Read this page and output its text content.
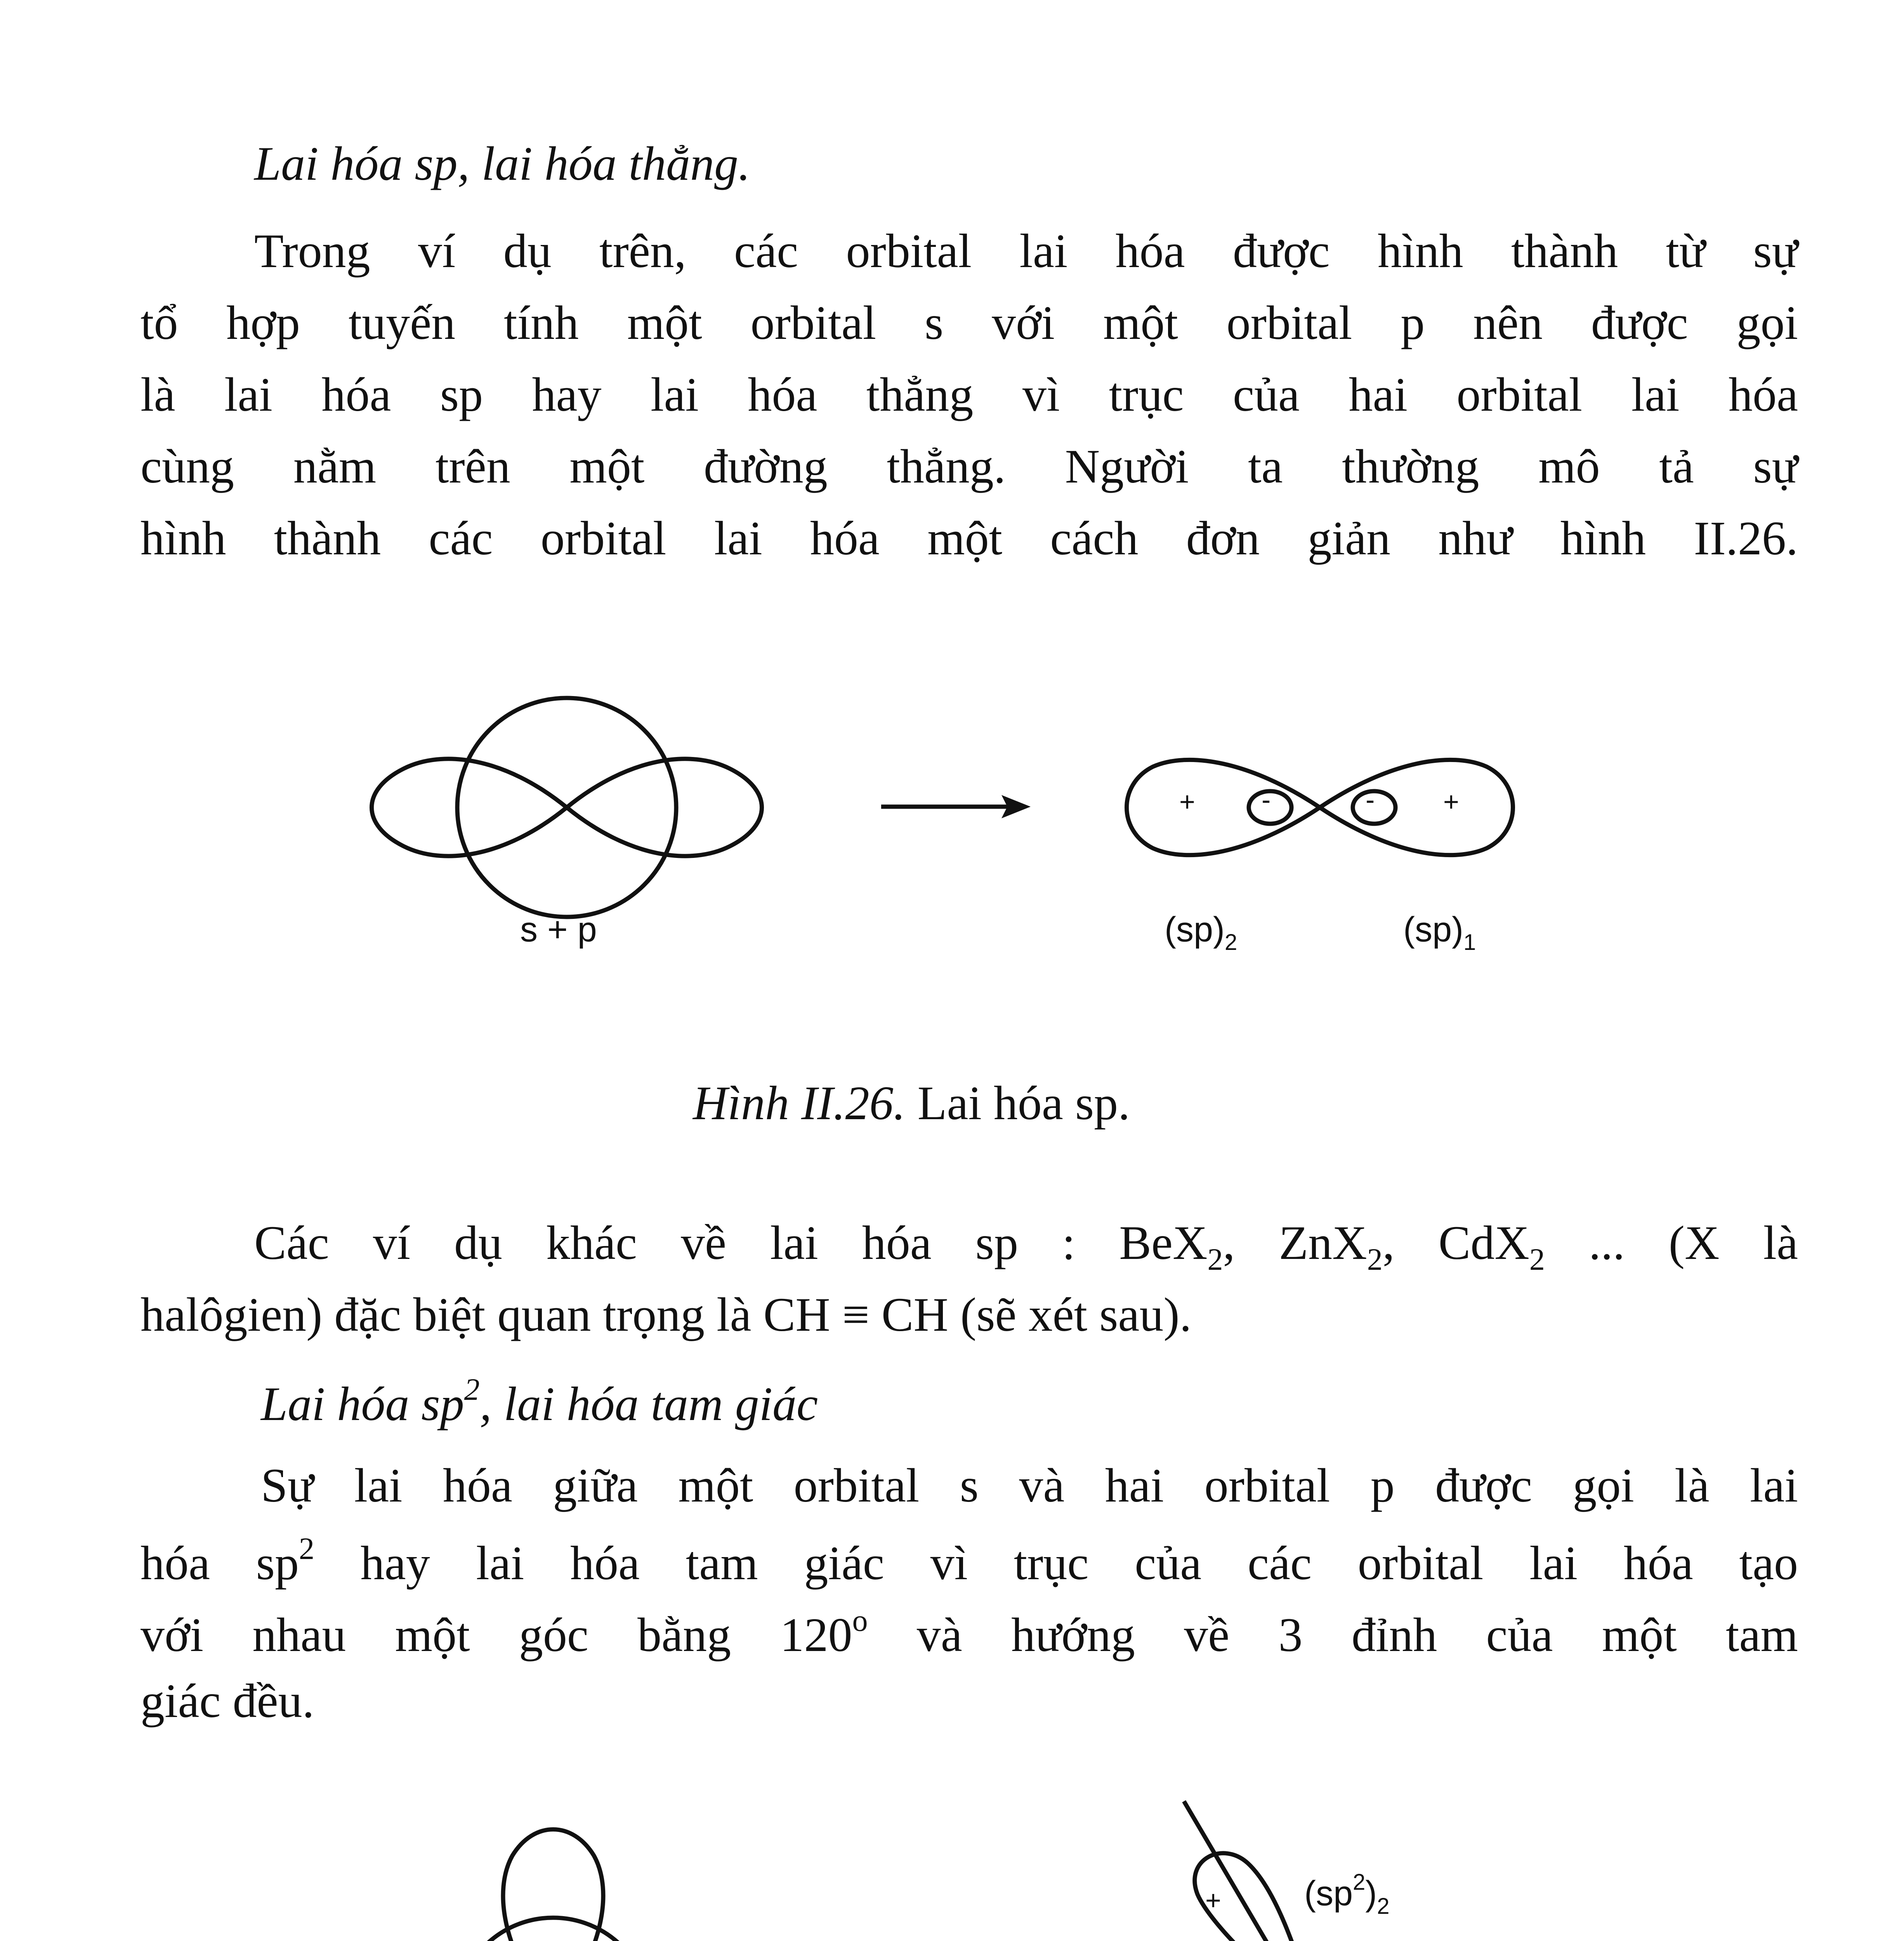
Lai hóa sp, lai hóa thẳng.
Trong ví dụ trên, các orbital lai hóa được hình thành từ sự
tổ hợp tuyến tính một orbital s với một orbital p nên được gọi
là lai hóa sp hay lai hóa thẳng vì trục của hai orbital lai hóa
cùng nằm trên một đường thẳng. Người ta thường mô tả sự
hình thành các orbital lai hóa một cách đơn giản như hình II.26.
s + p
+ -	-	+
$(sp)_2$	$(sp)_1$
Hình II.26. Lai hóa sp.
Các ví dụ khác về lai hóa sp : BeX$_2$, ZnX$_2$, CdX$_2$ ... (X là
halôgien) đặc biệt quan trọng là CH ≡ CH (sẽ xét sau).
Lai hóa $sp^2$, lai hóa tam giác
Sự lai hóa giữa một orbital s và hai orbital p được gọi là lai
hóa $sp^2$ hay lai hóa tam giác vì trục của các orbital lai hóa tạo
với nhau một góc bằng 120$^o$ và hướng về 3 đỉnh của một tam
giác đều.
+ $(sp^2)_2$
